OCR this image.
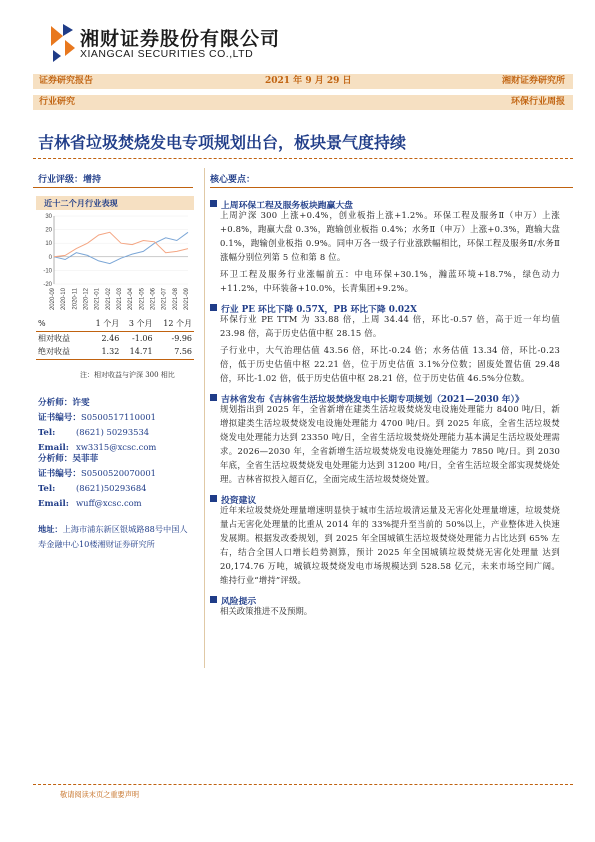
湘财证券股份有限公司
XIANGCAI SECURITIES CO.,LTD
证券研究报告	2021 年 9 月 29 日	湘财证券研究所
行业研究	环保行业周报
吉林省垃圾焚烧发电专项规划出台，板块景气度持续
行业评级：增持
近十二个月行业表现
-20
-10
0
10
20
30
2020-09 2020-10 2020-11 2020-12 2021-01 2021-02 2021-03 2021-04 2021-05 2021-06 2021-07 2021-08 2021-09
%	1 个月	3 个月	12 个月
相对收益	2.46	-1.06	-9.96
绝对收益	1.32	14.71	7.56
注：相对收益与沪深 300 相比
分析师：许雯
证书编号：S0500517110001
Tel: (8621) 50293534
Email: xw3315@xcsc.com
分析师：吴菲菲
证书编号：S0500520070001
Tel: (8621)50293684
Email: wuff@xcsc.com
地址：上海市浦东新区银城路88号中国人寿金融中心10楼湘财证券研究所
核心要点：
上周环保工程及服务板块跑赢大盘

上周沪深 300 上涨+0.4%，创业板指上涨+1.2%。环保工程及服务Ⅱ（申万）上涨+0.8%，跑赢大盘 0.3%，跑输创业板指 0.4%；水务Ⅱ（申万）上涨+0.3%，跑输大盘 0.1%，跑输创业板指 0.9%。同申万各一级子行业涨跌幅相比，环保工程及服务Ⅱ/水务Ⅱ涨幅分别位列第 5 位和第 8 位。

环卫工程及服务行业涨幅前五：中电环保+30.1%，瀚蓝环境+18.7%，绿色动力+11.2%，中环装备+10.0%，长青集团+9.2%。

行业 PE 环比下降 0.57X，PB 环比下降 0.02X

环保行业 PE TTM 为 33.88 倍，上周 34.44 倍，环比-0.57 倍，高于近一年均值 23.98 倍，高于历史估值中枢 28.15 倍。

子行业中，大气治理估值 43.56 倍，环比-0.24 倍；水务估值 13.34 倍，环比-0.23 倍，低于历史估值中枢 22.21 倍，位于历史估值 3.1%分位数；固废处置估值 29.48 倍，环比-1.02 倍，低于历史估值中枢 28.21 倍，位于历史估值 46.5%分位数。

吉林省发布《吉林省生活垃圾焚烧发电中长期专项规划（2021—2030 年）》

规划指出到 2025 年，全省新增在建类生活垃圾焚烧发电设施处理能力 8400 吨/日，新增拟建类生活垃圾焚烧发电设施处理能力 4700 吨/日。到 2025 年底，全省生活垃圾焚烧发电处理能力达到 23350 吨/日，全省生活垃圾焚烧处理能力基本满足生活垃圾处理需求。2026—2030 年，全省新增生活垃圾焚烧发电设施处理能力 7850 吨/日。到 2030 年底，全省生活垃圾焚烧发电处理能力达到 31200 吨/日，全省生活垃圾全部实现焚烧处理。吉林省拟投入超百亿，全面完成生活垃圾焚烧处置。

投资建议

近年来垃圾焚烧处理量增速明显快于城市生活垃圾清运量及无害化处理量增速，垃圾焚烧量占无害化处理量的比重从 2014 年的 33%提升至当前的 50%以上，产业整体进入快速发展期。根据发改委规划，到 2025 年全国城镇生活垃圾焚烧处理能力占比达到 65% 左右，结合全国人口增长趋势测算，预计 2025 年全国城镇垃圾焚烧无害化处理量 达到 20,174.76 万吨，城镇垃圾焚烧发电市场规模达到 528.58 亿元，未来市场空间广阔。维持行业“增持”评级。

风险提示

相关政策推进不及预期。

敬请阅读末页之重要声明
